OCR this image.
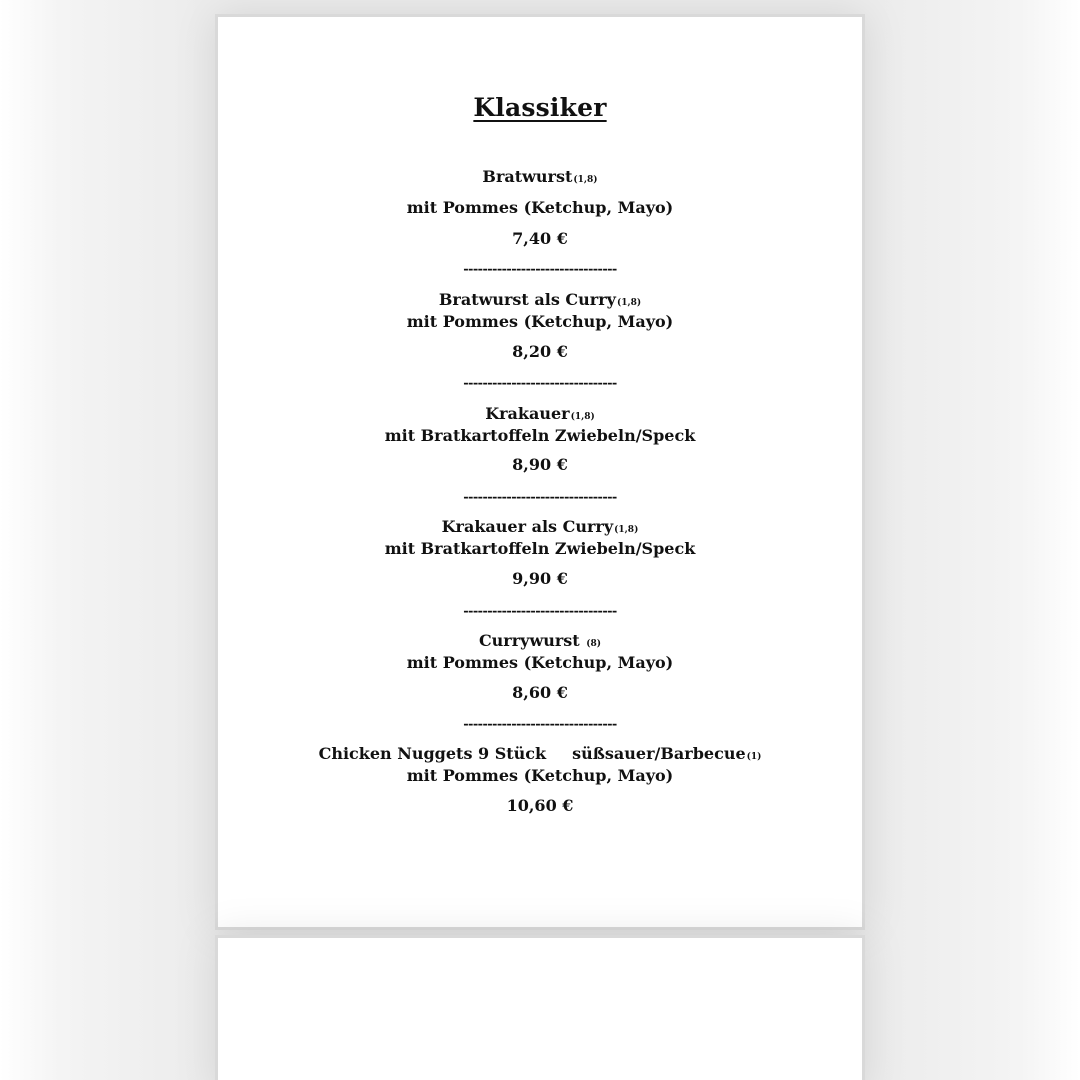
Klassiker
Bratwurst(1,8)
mit Pommes (Ketchup, Mayo)
7,40 €
--------------------------------
Bratwurst als Curry(1,8)
mit Pommes (Ketchup, Mayo)
8,20 €
--------------------------------
Krakauer(1,8)
mit Bratkartoffeln Zwiebeln/Speck
8,90 €
--------------------------------
Krakauer als Curry(1,8)
mit Bratkartoffeln Zwiebeln/Speck
9,90 €
--------------------------------
Currywurst (8)
mit Pommes (Ketchup, Mayo)
8,60 €
--------------------------------
Chicken Nuggets 9 Stück süßsauer/Barbecue(1)
mit Pommes (Ketchup, Mayo)
10,60 €
